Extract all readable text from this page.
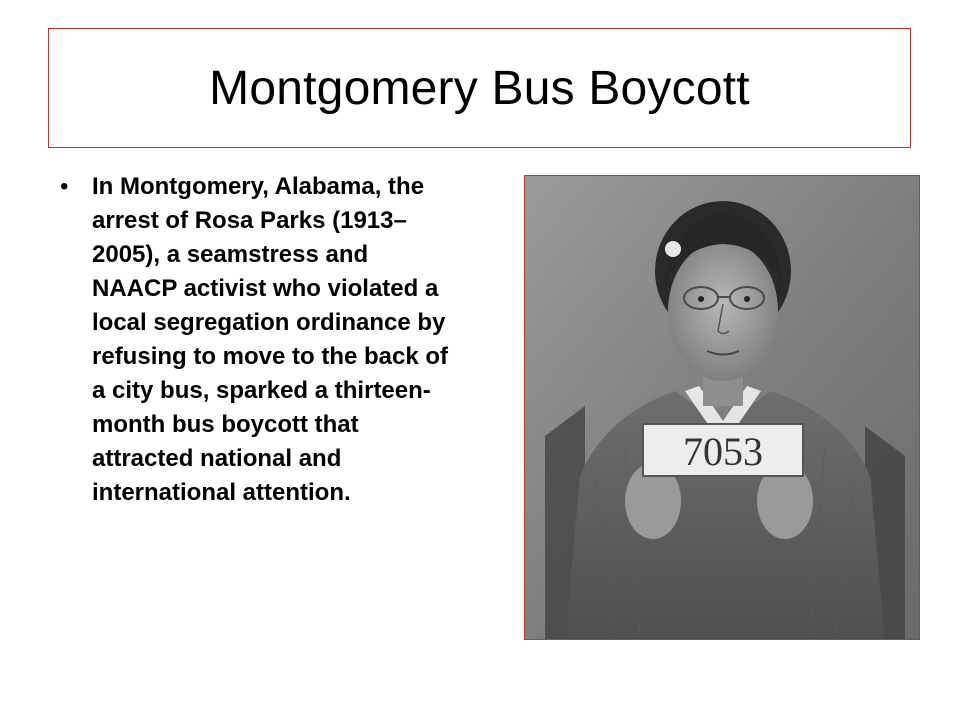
Montgomery Bus Boycott
• In Montgomery, Alabama, the arrest of Rosa Parks (1913–2005), a seamstress and NAACP activist who violated a local segregation ordinance by refusing to move to the back of a city bus, sparked a thirteen-month bus boycott that attracted national and international attention.
7053
